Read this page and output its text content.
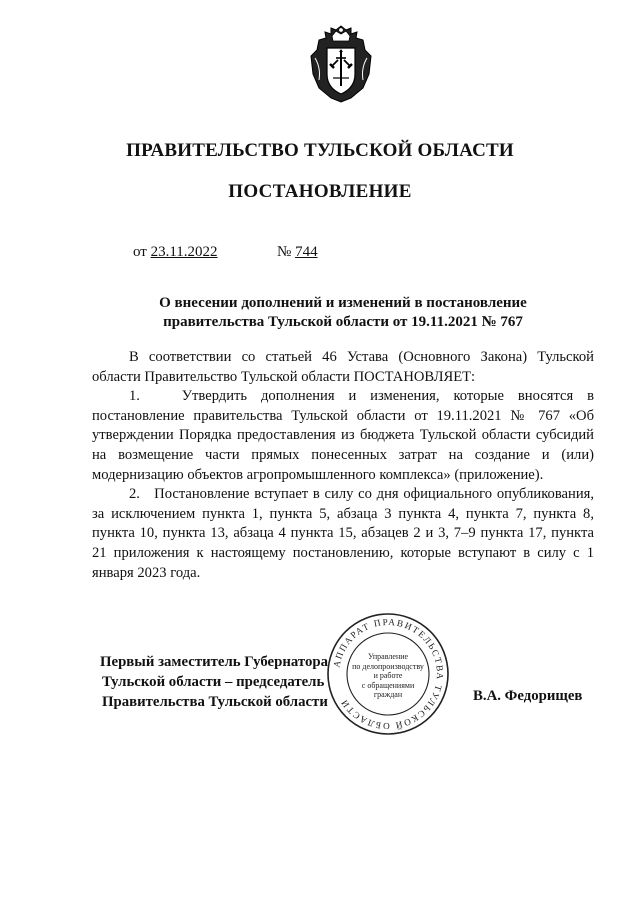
ПРАВИТЕЛЬСТВО ТУЛЬСКОЙ ОБЛАСТИ
ПОСТАНОВЛЕНИЕ
от 23.11.2022	№ 744
О внесении дополнений и изменений в постановление
правительства Тульской области от 19.11.2021 № 767

В соответствии со статьей 46 Устава (Основного Закона) Тульской области Правительство Тульской области ПОСТАНОВЛЯЕТ:

1.   Утвердить дополнения и изменения, которые вносятся в постановление правительства Тульской области от 19.11.2021 № 767 «Об утверждении Порядка предоставления из бюджета Тульской области субсидий на возмещение части прямых понесенных затрат на создание и (или) модернизацию объектов агропромышленного комплекса» (приложение).

2.   Постановление вступает в силу со дня официального опубликования, за исключением пункта 1, пункта 5, абзаца 3 пункта 4, пункта 7, пункта 8, пункта 10, пункта 13, абзаца 4 пункта 15, абзацев 2 и 3, 7–9 пункта 17, пункта 21 приложения к настоящему постановлению, которые вступают в силу с 1 января 2023 года.

АППАРАТ ПРАВИТЕЛЬСТВА ТУЛЬСКОЙ ОБЛАСТИ
Управление
по делопроизводству
и работе
с обращениями
граждан
Первый заместитель Губернатора
Тульской области – председатель
Правительства Тульской области	В.А. Федорищев
